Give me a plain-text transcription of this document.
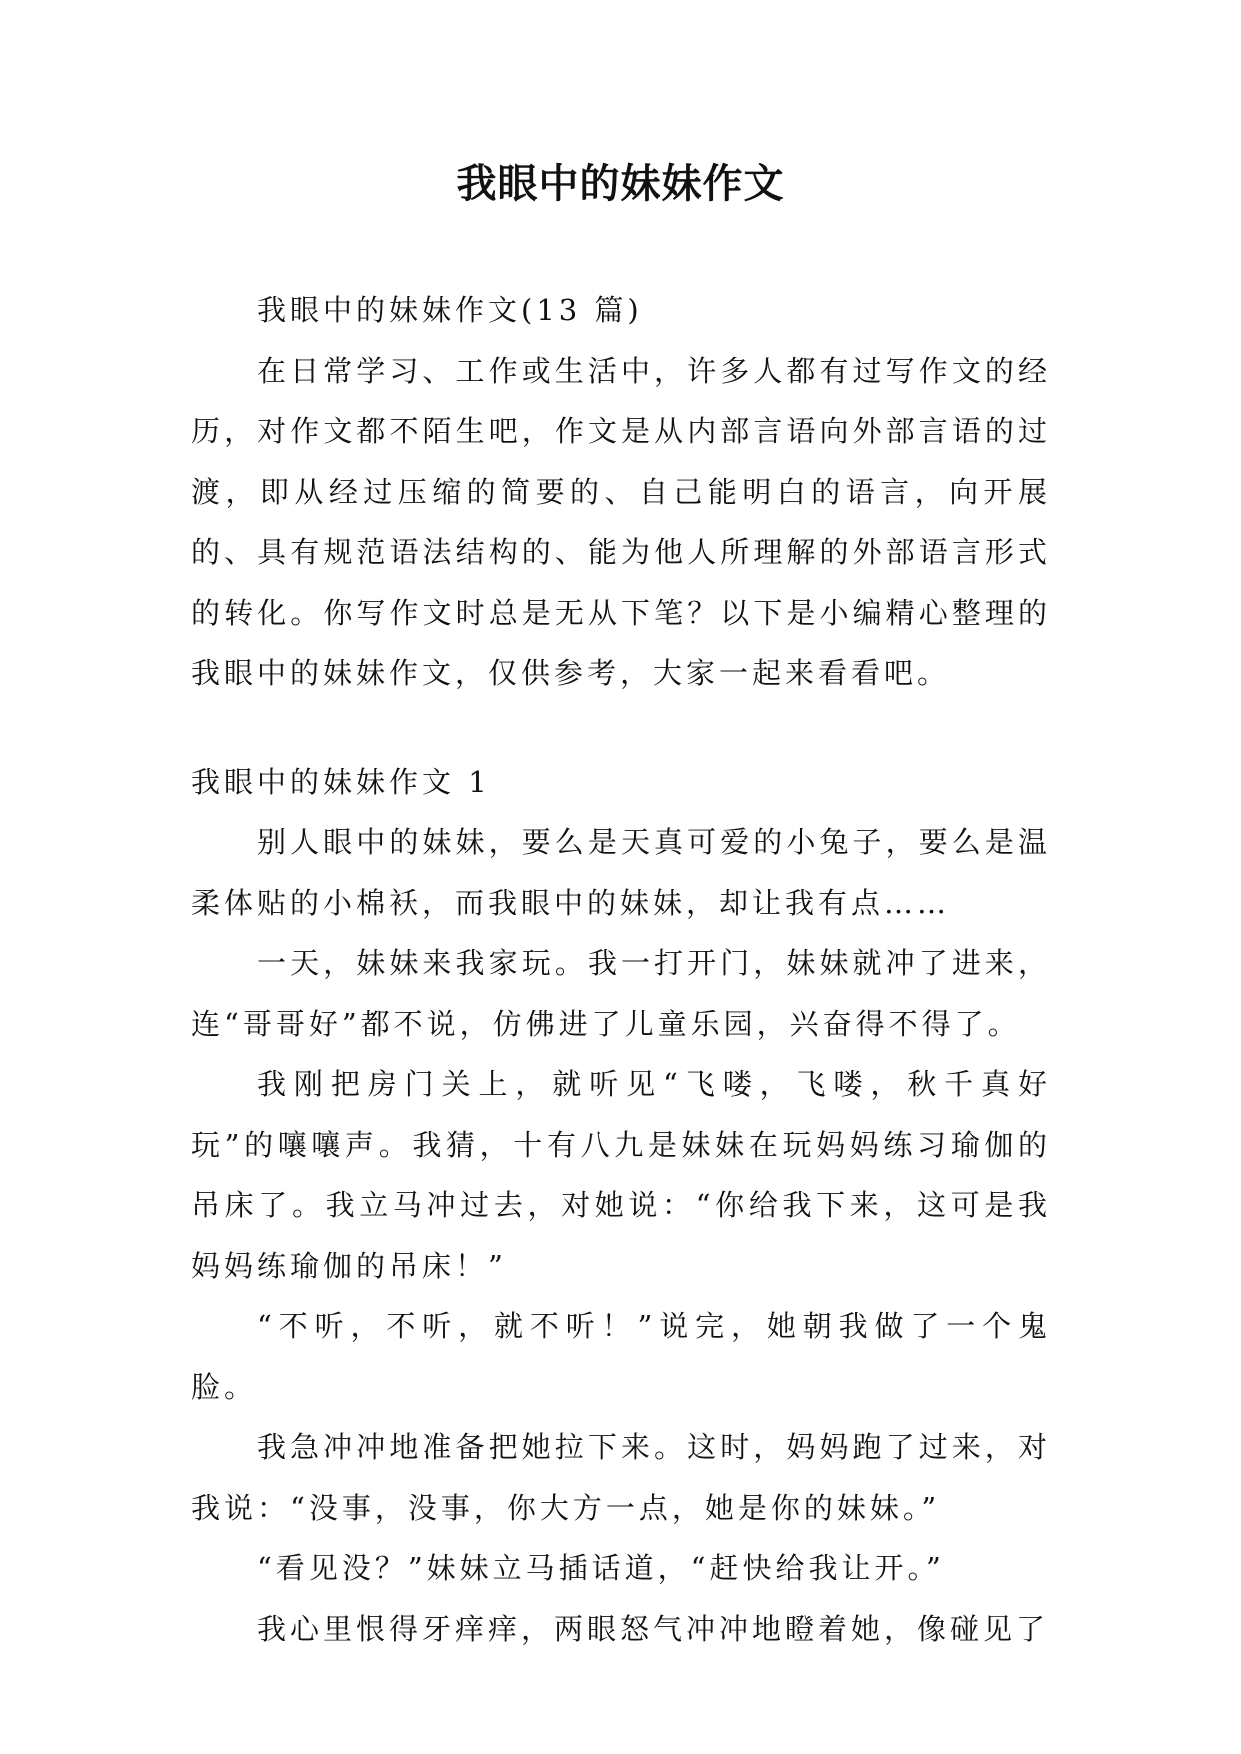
我眼中的妹妹作文

我眼中的妹妹作文(13 篇)

在日常学习、工作或生活中，许多人都有过写作文的经历，对作文都不陌生吧，作文是从内部言语向外部言语的过渡，即从经过压缩的简要的、自己能明白的语言，向开展的、具有规范语法结构的、能为他人所理解的外部语言形式的转化。你写作文时总是无从下笔？以下是小编精心整理的我眼中的妹妹作文，仅供参考，大家一起来看看吧。

我眼中的妹妹作文 1

别人眼中的妹妹，要么是天真可爱的小兔子，要么是温柔体贴的小棉袄，而我眼中的妹妹，却让我有点……

一天，妹妹来我家玩。我一打开门，妹妹就冲了进来，连“哥哥好”都不说，仿佛进了儿童乐园，兴奋得不得了。

我刚把房门关上，就听见“飞喽，飞喽，秋千真好玩”的嚷嚷声。我猜，十有八九是妹妹在玩妈妈练习瑜伽的吊床了。我立马冲过去，对她说：“你给我下来，这可是我妈妈练瑜伽的吊床！”

“不听，不听，就不听！”说完，她朝我做了一个鬼脸。

我急冲冲地准备把她拉下来。这时，妈妈跑了过来，对我说：“没事，没事，你大方一点，她是你的妹妹。”

“看见没？”妹妹立马插话道，“赶快给我让开。”

我心里恨得牙痒痒，两眼怒气冲冲地瞪着她，像碰见了
